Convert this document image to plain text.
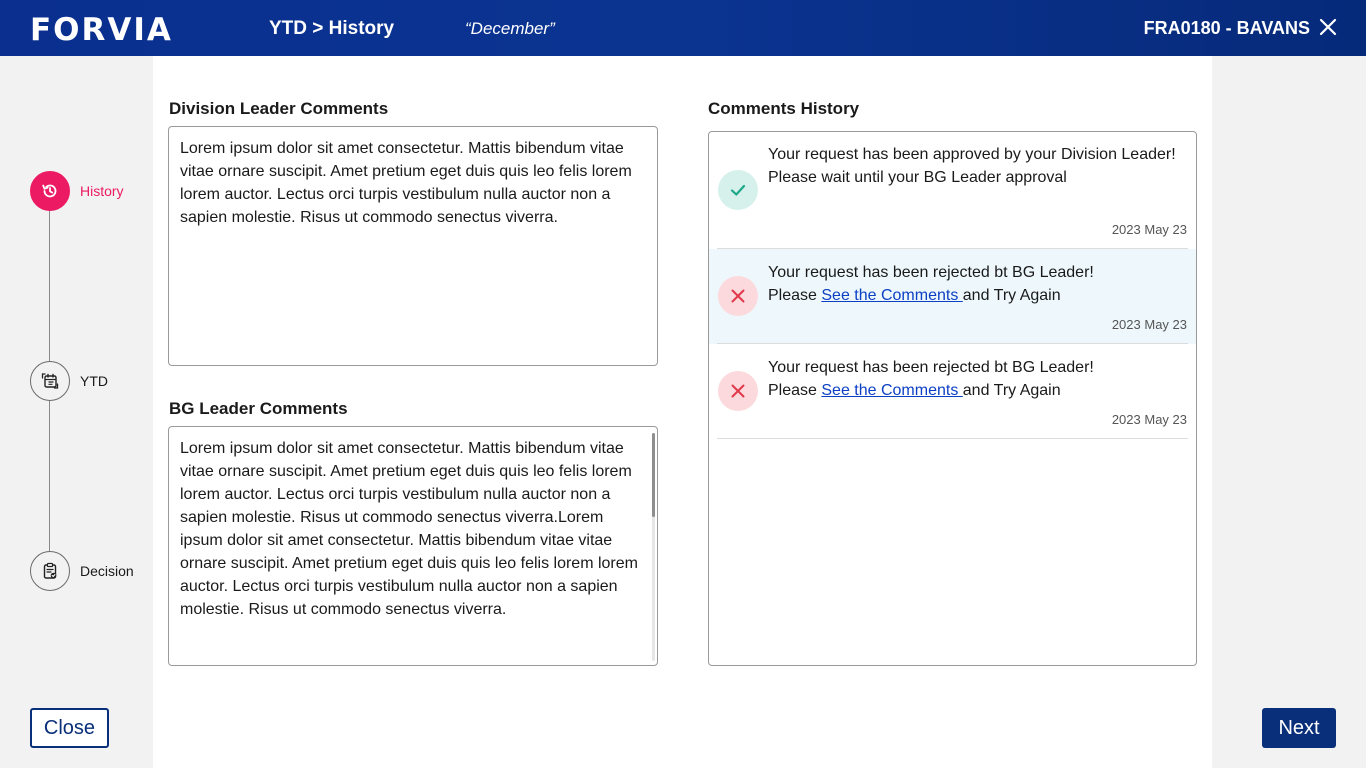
FORVIA	YTD > History	“December”	FRA0180 - BAVANS
History
YTD
Decision
Division Leader Comments
Lorem ipsum dolor sit amet consectetur. Mattis bibendum vitae vitae ornare suscipit. Amet pretium eget duis quis leo felis lorem lorem auctor. Lectus orci turpis vestibulum nulla auctor non a sapien molestie. Risus ut commodo senectus viverra.
BG Leader Comments
Lorem ipsum dolor sit amet consectetur. Mattis bibendum vitae vitae ornare suscipit. Amet pretium eget duis quis leo felis lorem lorem auctor. Lectus orci turpis vestibulum nulla auctor non a sapien molestie. Risus ut commodo senectus viverra.Lorem ipsum dolor sit amet consectetur. Mattis bibendum vitae vitae ornare suscipit. Amet pretium eget duis quis leo felis lorem lorem auctor. Lectus orci turpis vestibulum nulla auctor non a sapien molestie. Risus ut commodo senectus viverra.
Comments History
Your request has been approved by your Division Leader!
Please wait until your BG Leader approval
2023 May 23
Your request has been rejected bt BG Leader!
Please See the Comments and Try Again
2023 May 23
Your request has been rejected bt BG Leader!
Please See the Comments and Try Again
2023 May 23
Close	Next
